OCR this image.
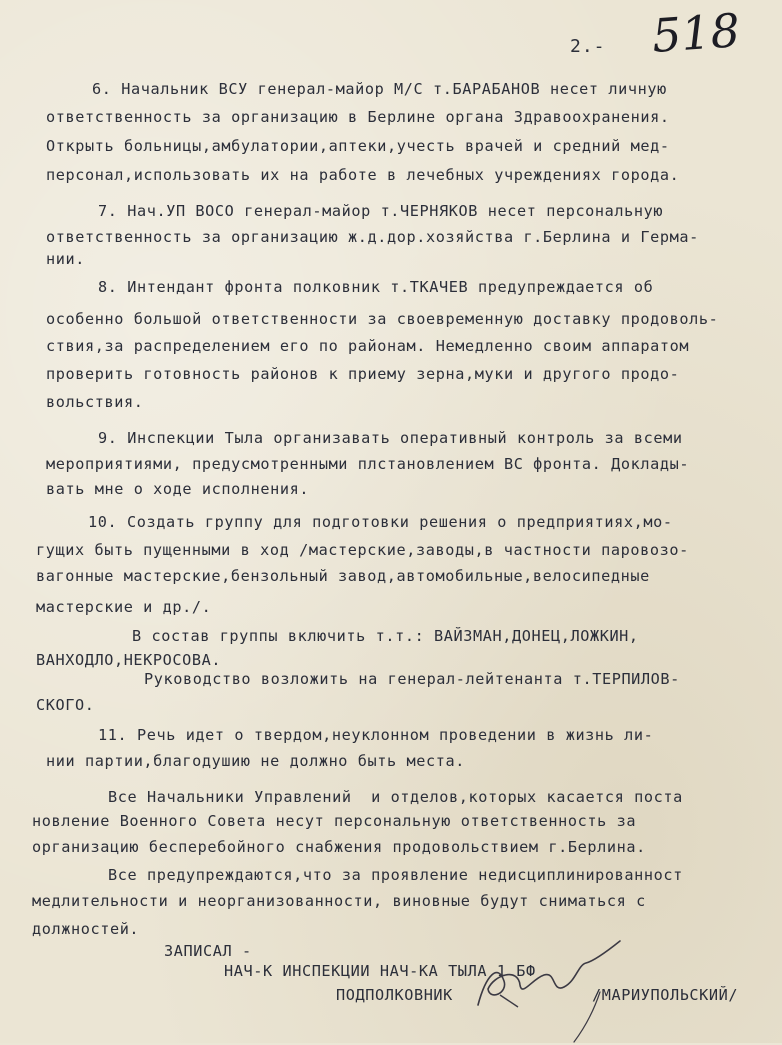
2.- 518
6. Начальник ВСУ генерал-майор М/С т.БАРАБАНОВ несет личную
ответственность за организацию в Берлине органа Здравоохранения.
Открыть больницы,амбулатории,аптеки,учесть врачей и средний мед-
персонал,использовать их на работе в лечебных учреждениях города.
7. Нач.УП ВОСО генерал-майор т.ЧЕРНЯКОВ несет персональную
ответственность за организацию ж.д.дор.хозяйства г.Берлина и Герма-
нии.
8. Интендант фронта полковник т.ТКАЧЕВ предупреждается об
особенно большой ответственности за своевременную доставку продоволь-
ствия,за распределением его по районам. Немедленно своим аппаратом
проверить готовность районов к приему зерна,муки и другого продо-
вольствия.
9. Инспекции Тыла организавать оперативный контроль за всеми
мероприятиями, предусмотренными плстановлением ВС фронта. Доклады-
вать мне о ходе исполнения.
10. Создать группу для подготовки решения о предприятиях,мо-
гущих быть пущенными в ход /мастерские,заводы,в частности паровозо-
вагонные мастерские,бензольный завод,автомобильные,велосипедные
мастерские и др./.
В состав группы включить т.т.: ВАЙЗМАН,ДОНЕЦ,ЛОЖКИН,
ВАНХОДЛО,НЕКРОСОВА.
Руководство возложить на генерал-лейтенанта т.ТЕРПИЛОВ-
СКОГО.
11. Речь идет о твердом,неуклонном проведении в жизнь ли-
нии партии,благодушию не должно быть места.
Все Начальники Управлений  и отделов,которых касается поста
новление Военного Совета несут персональную ответственность за
организацию бесперебойного снабжения продовольствием г.Берлина.
Все предупреждаются,что за проявление недисциплинированност
медлительности и неорганизованности, виновные будут сниматься с
должностей.
ЗАПИСАЛ -
НАЧ-К ИНСПЕКЦИИ НАЧ-КА ТЫЛА 1 БФ
ПОДПОЛКОВНИК	/МАРИУПОЛЬСКИЙ/
